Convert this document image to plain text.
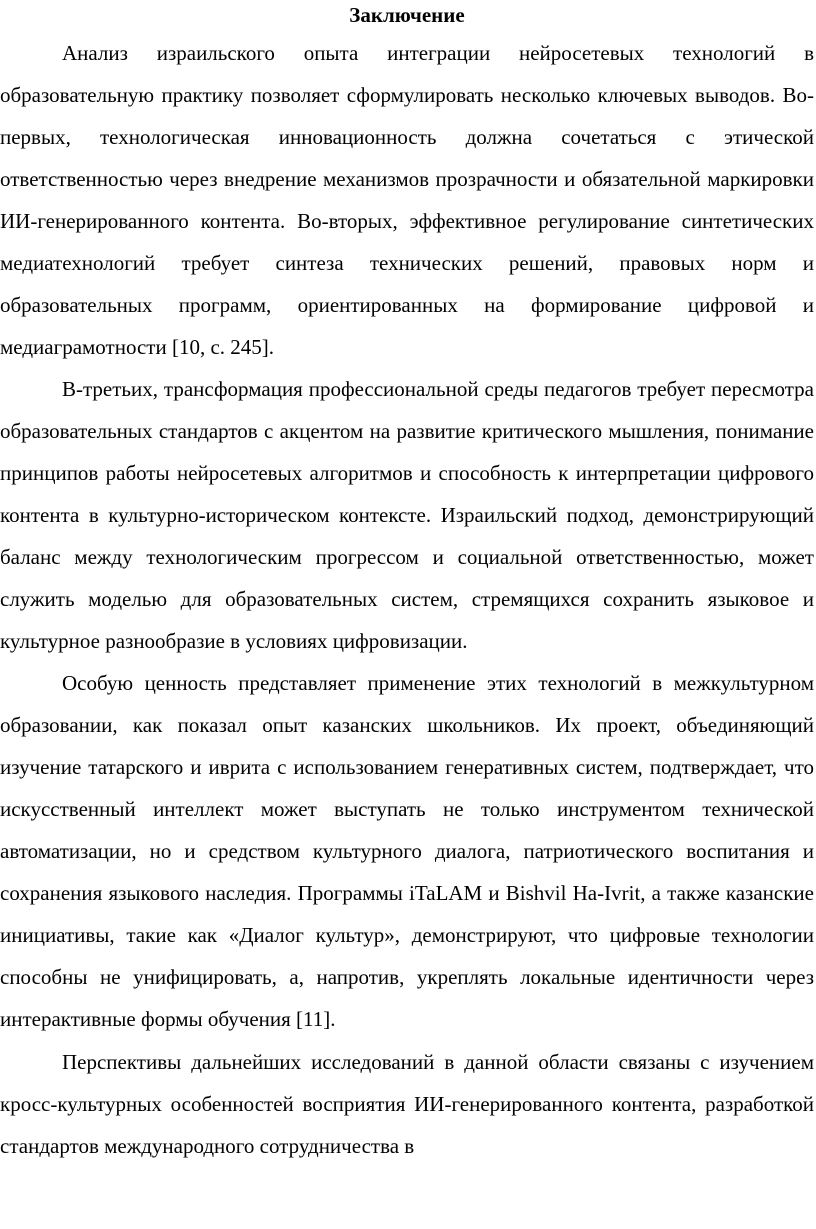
Заключение

Анализ израильского опыта интеграции нейросетевых технологий в образовательную практику позволяет сформулировать несколько ключевых выводов. Во-первых, технологическая инновационность должна сочетаться с этической ответственностью через внедрение механизмов прозрачности и обязательной маркировки ИИ-генерированного контента. Во-вторых, эффективное регулирование синтетических медиатехнологий требует синтеза технических решений, правовых норм и образовательных программ, ориентированных на формирование цифровой и медиаграмотности [10, с. 245].

В-третьих, трансформация профессиональной среды педагогов требует пересмотра образовательных стандартов с акцентом на развитие критического мышления, понимание принципов работы нейросетевых алгоритмов и способность к интерпретации цифрового контента в культурно-историческом контексте. Израильский подход, демонстрирующий баланс между технологическим прогрессом и социальной ответственностью, может служить моделью для образовательных систем, стремящихся сохранить языковое и культурное разнообразие в условиях цифровизации.

Особую ценность представляет применение этих технологий в межкультурном образовании, как показал опыт казанских школьников. Их проект, объединяющий изучение татарского и иврита с использованием генеративных систем, подтверждает, что искусственный интеллект может выступать не только инструментом технической автоматизации, но и средством культурного диалога, патриотического воспитания и сохранения языкового наследия. Программы iTaLAM и Bishvil Ha-Ivrit, а также казанские инициативы, такие как «Диалог культур», демонстрируют, что цифровые технологии способны не унифицировать, а, напротив, укреплять локальные идентичности через интерактивные формы обучения [11].

Перспективы дальнейших исследований в данной области связаны с изучением кросс-культурных особенностей восприятия ИИ-генерированного контента, разработкой стандартов международного сотрудничества в
